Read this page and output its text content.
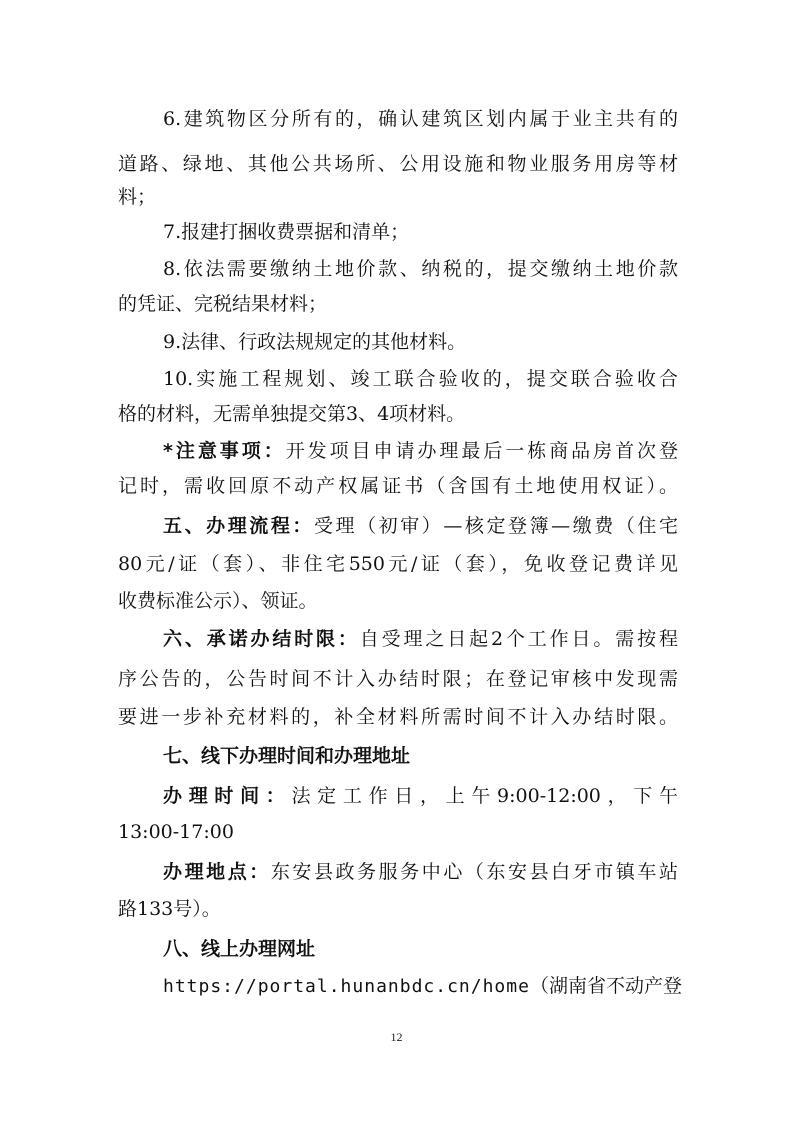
6.建筑物区分所有的，确认建筑区划内属于业主共有的
道路、绿地、其他公共场所、公用设施和物业服务用房等材
料；
7.报建打捆收费票据和清单；
8.依法需要缴纳土地价款、纳税的，提交缴纳土地价款
的凭证、完税结果材料；
9.法律、行政法规规定的其他材料。
10.实施工程规划、竣工联合验收的，提交联合验收合
格的材料，无需单独提交第3、4项材料。
*注意事项：开发项目申请办理最后一栋商品房首次登
记时，需收回原不动产权属证书（含国有土地使用权证）。
五、办理流程：受理（初审）—核定登簿—缴费（住宅
80元/证（套）、非住宅550元/证（套），免收登记费详见
收费标准公示）、领证。
六、承诺办结时限：自受理之日起2个工作日。需按程
序公告的，公告时间不计入办结时限；在登记审核中发现需
要进一步补充材料的，补全材料所需时间不计入办结时限。
七、线下办理时间和办理地址
办理时间：法定工作日，上午9:00-12:00，下午
13:00-17:00
办理地点：东安县政务服务中心（东安县白牙市镇车站
路133号）。
八、线上办理网址
https://portal.hunanbdc.cn/home（湖南省不动产登
12
